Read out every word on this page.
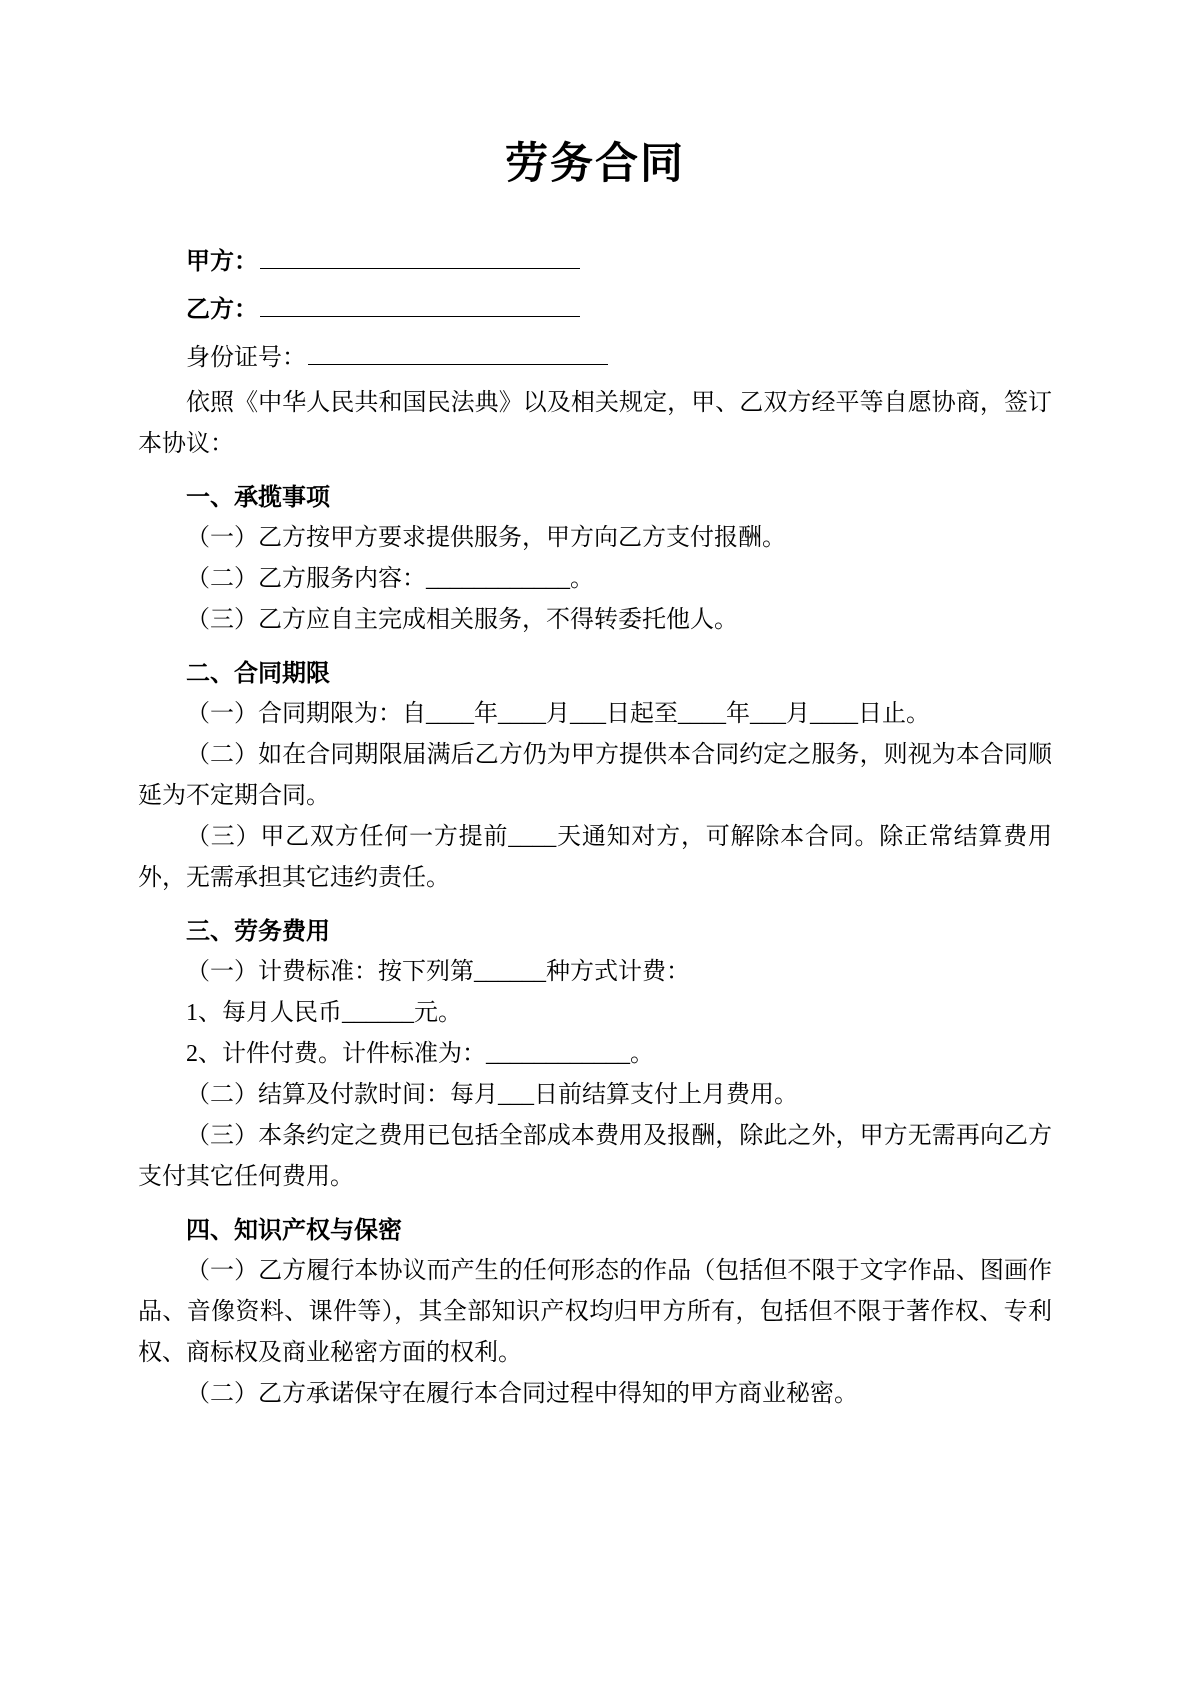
劳务合同
甲方：
乙方：
身份证号：

依照《中华人民共和国民法典》以及相关规定，甲、乙双方经平等自愿协商，签订本协议：

一、承揽事项

（一）乙方按甲方要求提供服务，甲方向乙方支付报酬。

（二）乙方服务内容：____________。

（三）乙方应自主完成相关服务，不得转委托他人。

二、合同期限

（一）合同期限为：自____年____月___日起至____年___月____日止。

（二）如在合同期限届满后乙方仍为甲方提供本合同约定之服务，则视为本合同顺延为不定期合同。

（三）甲乙双方任何一方提前____天通知对方，可解除本合同。除正常结算费用外，无需承担其它违约责任。

三、劳务费用

（一）计费标准：按下列第______种方式计费：

1、每月人民币______元。

2、计件付费。计件标准为：____________。

（二）结算及付款时间：每月___日前结算支付上月费用。

（三）本条约定之费用已包括全部成本费用及报酬，除此之外，甲方无需再向乙方支付其它任何费用。

四、知识产权与保密

（一）乙方履行本协议而产生的任何形态的作品（包括但不限于文字作品、图画作品、音像资料、课件等），其全部知识产权均归甲方所有，包括但不限于著作权、专利权、商标权及商业秘密方面的权利。

（二）乙方承诺保守在履行本合同过程中得知的甲方商业秘密。
